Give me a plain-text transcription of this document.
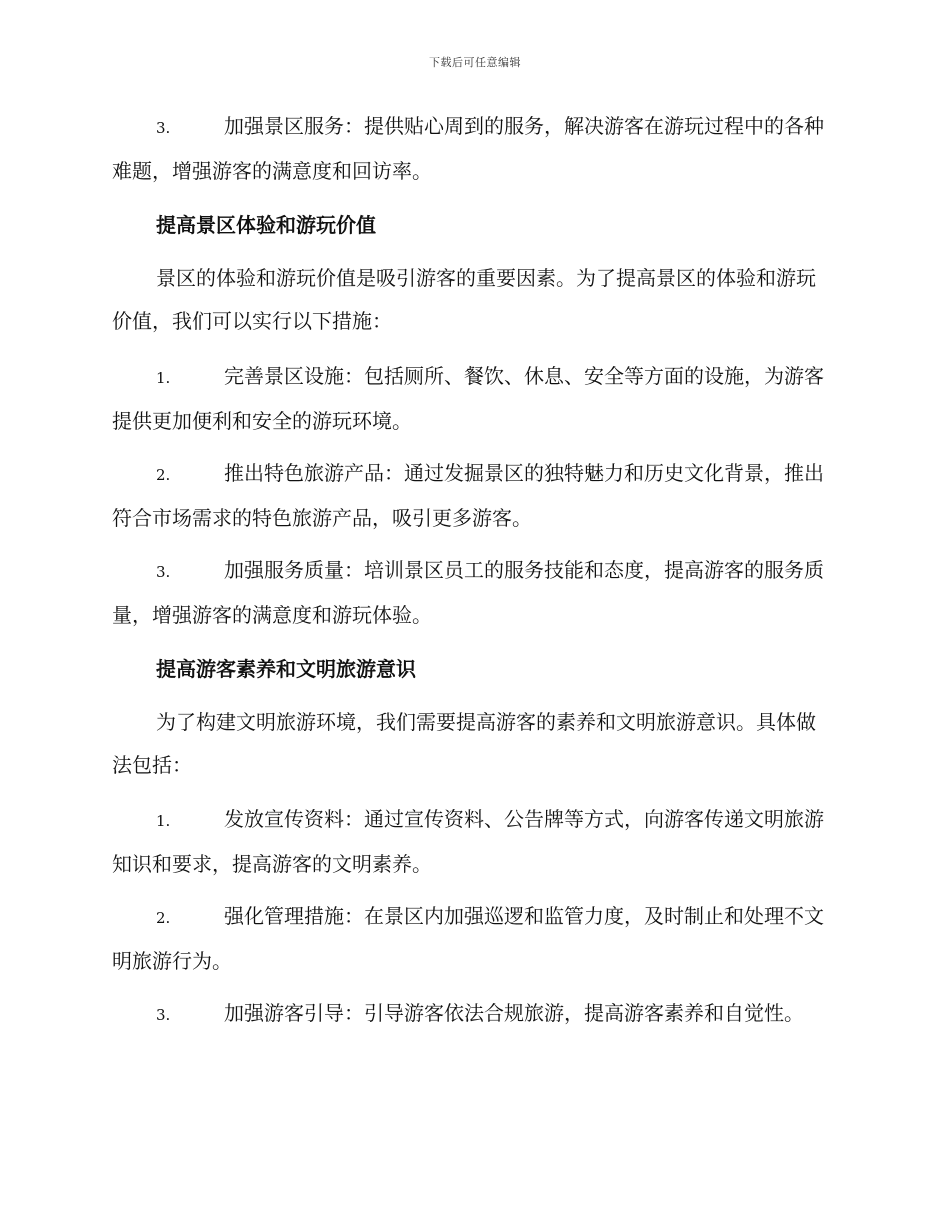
下载后可任意编辑
3.	加强景区服务：提供贴心周到的服务，解决游客在游玩过程中的各种难题，增强游客的满意度和回访率。
提高景区体验和游玩价值
景区的体验和游玩价值是吸引游客的重要因素。为了提高景区的体验和游玩价值，我们可以实行以下措施：
1.	完善景区设施：包括厕所、餐饮、休息、安全等方面的设施，为游客提供更加便利和安全的游玩环境。
2.	推出特色旅游产品：通过发掘景区的独特魅力和历史文化背景，推出符合市场需求的特色旅游产品，吸引更多游客。
3.	加强服务质量：培训景区员工的服务技能和态度，提高游客的服务质量，增强游客的满意度和游玩体验。
提高游客素养和文明旅游意识
为了构建文明旅游环境，我们需要提高游客的素养和文明旅游意识。具体做法包括：
1.	发放宣传资料：通过宣传资料、公告牌等方式，向游客传递文明旅游知识和要求，提高游客的文明素养。
2.	强化管理措施：在景区内加强巡逻和监管力度，及时制止和处理不文明旅游行为。
3.	加强游客引导：引导游客依法合规旅游，提高游客素养和自觉性。
